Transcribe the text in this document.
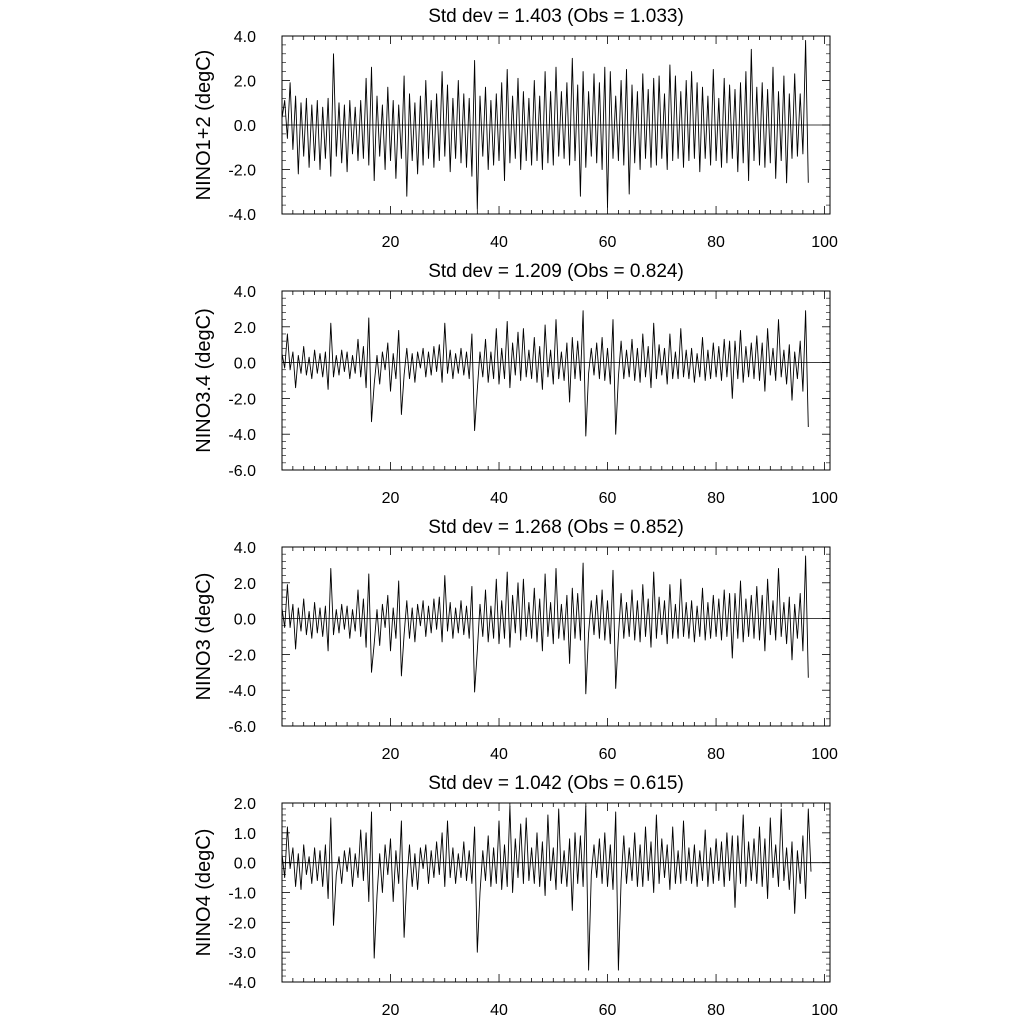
Std dev = 1.403 (Obs = 1.033)
NINO1+2 (degC)
20	40	60	80	100
-4.0
-2.0
0.0
2.0
4.0
Std dev = 1.209 (Obs = 0.824)
NINO3.4 (degC)
20	40	60	80	100
-6.0
-4.0
-2.0
0.0
2.0
4.0
Std dev = 1.268 (Obs = 0.852)
NINO3 (degC)
20	40	60	80	100
-6.0
-4.0
-2.0
0.0
2.0
4.0
Std dev = 1.042 (Obs = 0.615)
NINO4 (degC)
20	40	60	80	100
-4.0
-3.0
-2.0
-1.0
0.0
1.0
2.0
